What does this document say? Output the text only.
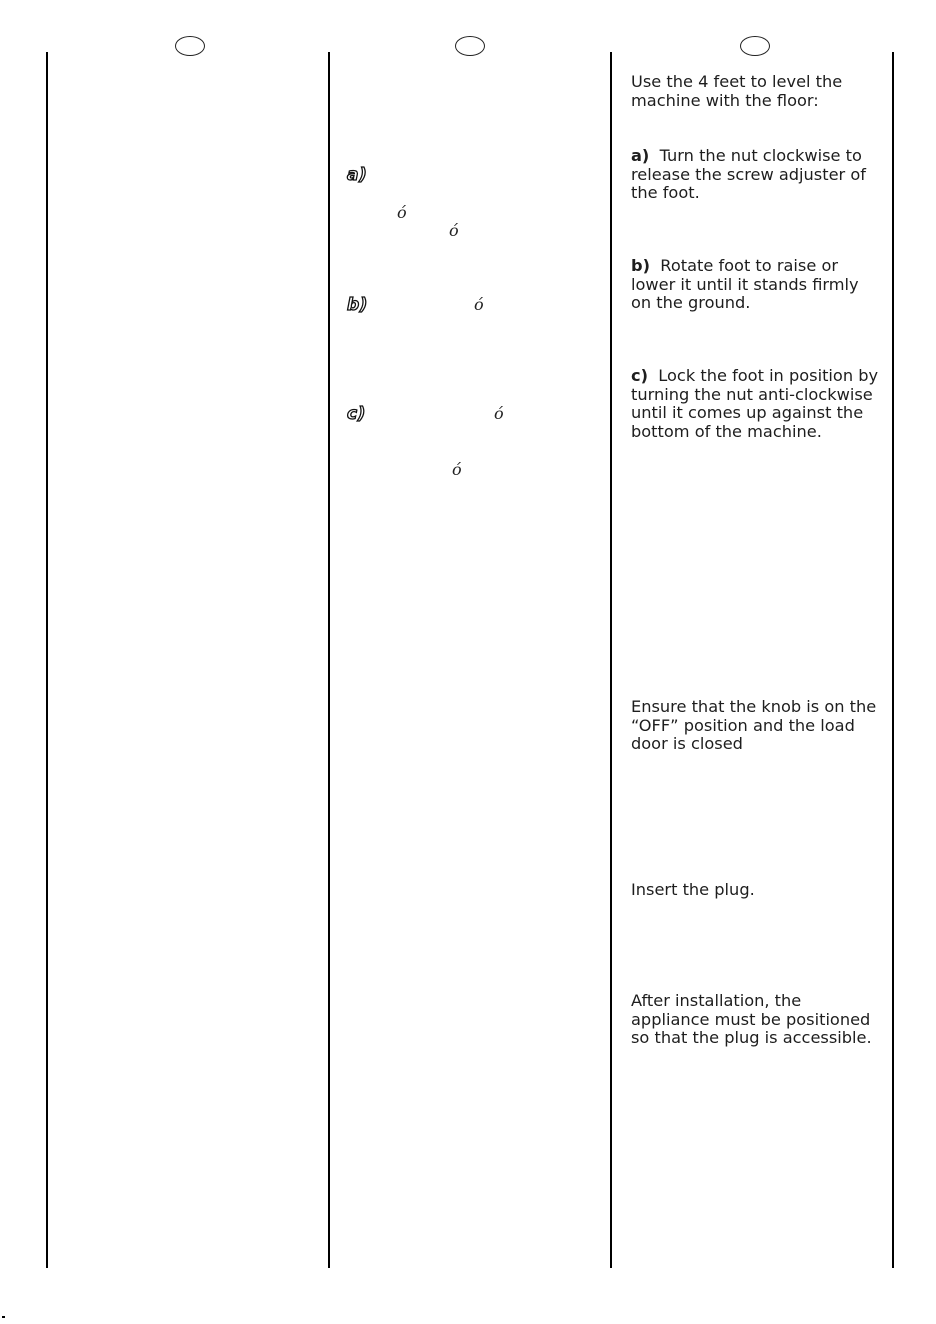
a)
ó
ó
b)	ó
c)	ó
ó
Use the 4 feet to level the machine with the floor:
a) Turn the nut clockwise to release the screw adjuster of the foot.
b) Rotate foot to raise or lower it until it stands firmly on the ground.
c) Lock the foot in position by turning the nut anti-clockwise until it comes up against the bottom of the machine.
Ensure that the knob is on the “OFF” position and the load door is closed
Insert the plug.
After installation, the appliance must be positioned so that the plug is accessible.
